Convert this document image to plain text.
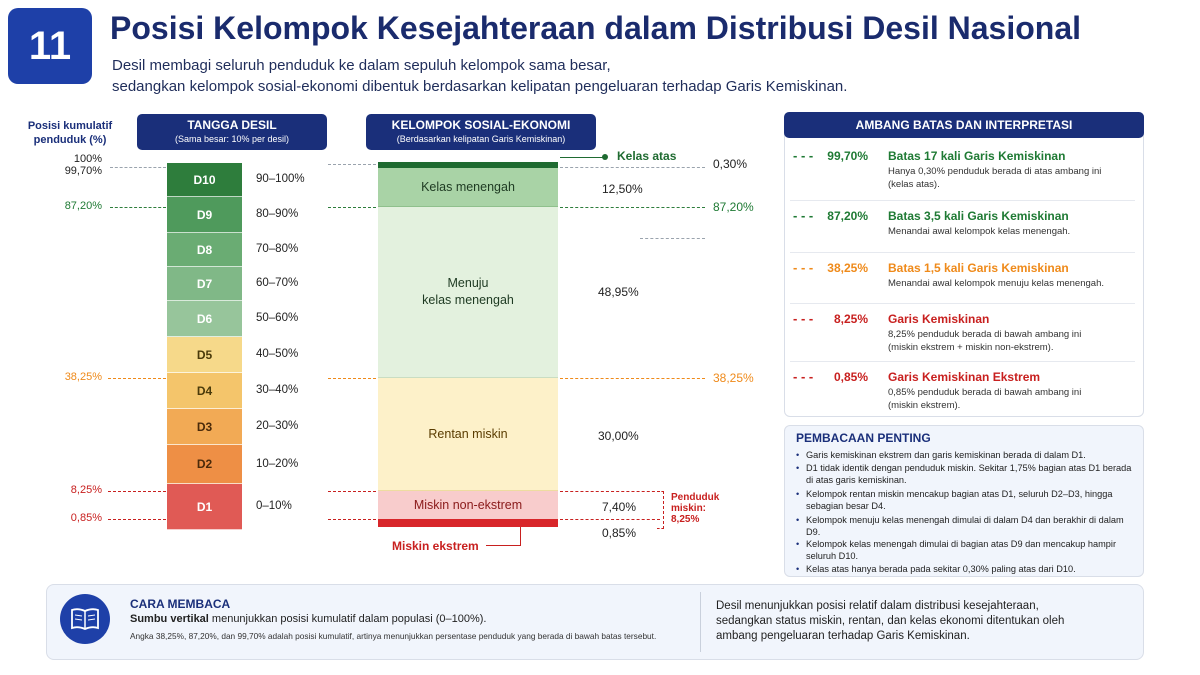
11	Posisi Kelompok Kesejahteraan dalam Distribusi Desil Nasional
Desil membagi seluruh penduduk ke dalam sepuluh kelompok sama besar,
sedangkan kelompok sosial-ekonomi dibentuk berdasarkan kelipatan pengeluaran terhadap Garis Kemiskinan.
Posisi kumulatif
penduduk (%)
TANGGA DESIL
(Sama besar: 10% per desil)
KELOMPOK SOSIAL-EKONOMI
(Berdasarkan kelipatan Garis Kemiskinan)
100%
99,70%
87,20%
38,25%
8,25%
0,85%
D10	90–100%
D9	80–90%
D8	70–80%
D7	60–70%
D6	50–60%
D5	40–50%
D4	30–40%
D3	20–30%
D2	10–20%
D1	0–10%
Kelas menengah
Menuju
kelas menengah
Rentan miskin
Miskin non-ekstrem
Kelas atas
Miskin ekstrem
0,30%
12,50%
87,20%
48,95%
38,25%
30,00%
7,40%
0,85%
Penduduk
miskin:
8,25%
AMBANG BATAS DAN INTERPRETASI
- - -	99,70% Batas 17 kali Garis Kemiskinan
Hanya 0,30% penduduk berada di atas ambang ini
(kelas atas).
- - -	87,20% Batas 3,5 kali Garis Kemiskinan
Menandai awal kelompok kelas menengah.
- - -	38,25% Batas 1,5 kali Garis Kemiskinan
Menandai awal kelompok menuju kelas menengah.
- - -	8,25% Garis Kemiskinan
8,25% penduduk berada di bawah ambang ini
(miskin ekstrem + miskin non-ekstrem).
- - -	0,85% Garis Kemiskinan Ekstrem
0,85% penduduk berada di bawah ambang ini
(miskin ekstrem).
PEMBACAAN PENTING
• Garis kemiskinan ekstrem dan garis kemiskinan berada di dalam D1.
• D1 tidak identik dengan penduduk miskin. Sekitar 1,75% bagian atas D1 berada di atas garis kemiskinan.
• Kelompok rentan miskin mencakup bagian atas D1, seluruh D2–D3, hingga sebagian besar D4.
• Kelompok menuju kelas menengah dimulai di dalam D4 dan berakhir di dalam D9.
• Kelompok kelas menengah dimulai di bagian atas D9 dan mencakup hampir seluruh D10.
• Kelas atas hanya berada pada sekitar 0,30% paling atas dari D10.
CARA MEMBACA
Sumbu vertikal menunjukkan posisi kumulatif dalam populasi (0–100%).
Angka 38,25%, 87,20%, dan 99,70% adalah posisi kumulatif, artinya menunjukkan persentase penduduk yang berada di bawah batas tersebut.
Desil menunjukkan posisi relatif dalam distribusi kesejahteraan,
sedangkan status miskin, rentan, dan kelas ekonomi ditentukan oleh
ambang pengeluaran terhadap Garis Kemiskinan.
